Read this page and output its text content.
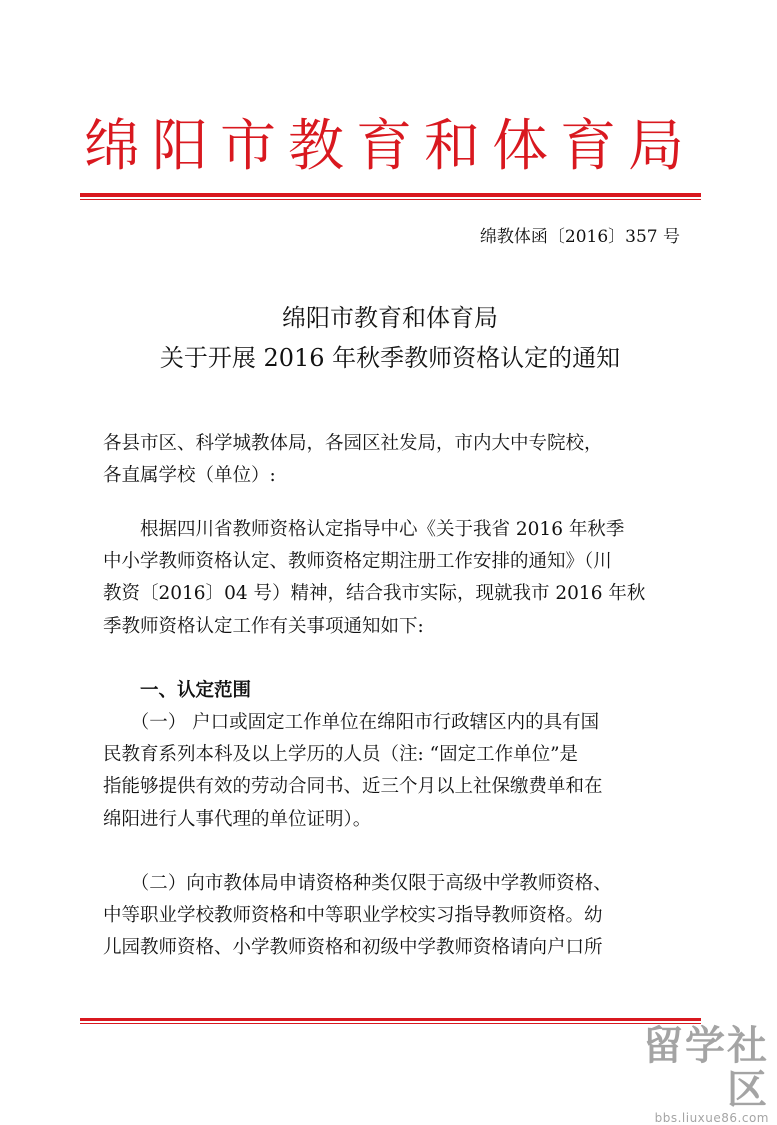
绵阳市教育和体育局
绵教体函〔2016〕357 号
绵阳市教育和体育局
关于开展 2016 年秋季教师资格认定的通知
各县市区、科学城教体局，各园区社发局，市内大中专院校，
各直属学校（单位）:
　　根据四川省教师资格认定指导中心《关于我省 2016 年秋季
中小学教师资格认定、教师资格定期注册工作安排的通知》（川
教资〔2016〕04 号）精神，结合我市实际，现就我市 2016 年秋
季教师资格认定工作有关事项通知如下:
　　一、认定范围
　　（一） 户口或固定工作单位在绵阳市行政辖区内的具有国
民教育系列本科及以上学历的人员（注: “固定工作单位”是
指能够提供有效的劳动合同书、近三个月以上社保缴费单和在
绵阳进行人事代理的单位证明）。
　　（二）向市教体局申请资格种类仅限于高级中学教师资格、
中等职业学校教师资格和中等职业学校实习指导教师资格。幼
儿园教师资格、小学教师资格和初级中学教师资格请向户口所
留学社区
bbs.liuxue86.com
